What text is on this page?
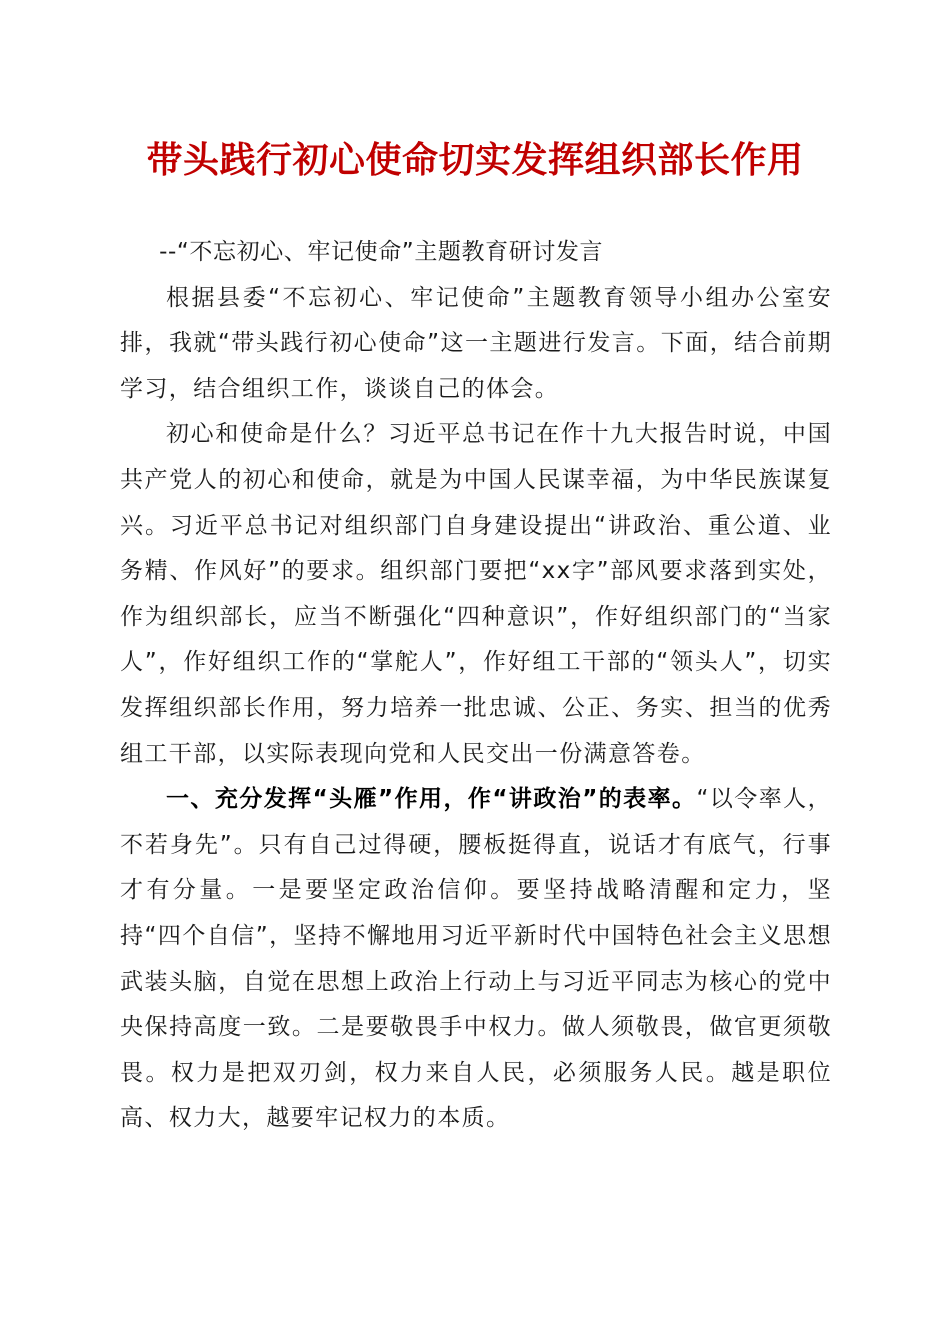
带头践行初心使命切实发挥组织部长作用

--“不忘初心、牢记使命”主题教育研讨发言

根据县委“不忘初心、牢记使命”主题教育领导小组办公室安排，我就“带头践行初心使命”这一主题进行发言。下面，结合前期学习，结合组织工作，谈谈自己的体会。

初心和使命是什么？习近平总书记在作十九大报告时说，中国共产党人的初心和使命，就是为中国人民谋幸福，为中华民族谋复兴。习近平总书记对组织部门自身建设提出“讲政治、重公道、业务精、作风好”的要求。组织部门要把“xx字”部风要求落到实处，作为组织部长，应当不断强化“四种意识”，作好组织部门的“当家人”，作好组织工作的“掌舵人”，作好组工干部的“领头人”，切实发挥组织部长作用，努力培养一批忠诚、公正、务实、担当的优秀组工干部，以实际表现向党和人民交出一份满意答卷。

一、充分发挥“头雁”作用，作“讲政治”的表率。“以令率人，不若身先”。只有自己过得硬，腰板挺得直，说话才有底气，行事才有分量。一是要坚定政治信仰。要坚持战略清醒和定力，坚持“四个自信”，坚持不懈地用习近平新时代中国特色社会主义思想武装头脑，自觉在思想上政治上行动上与习近平同志为核心的党中央保持高度一致。二是要敬畏手中权力。做人须敬畏，做官更须敬畏。权力是把双刃剑，权力来自人民，必须服务人民。越是职位高、权力大，越要牢记权力的本质。
